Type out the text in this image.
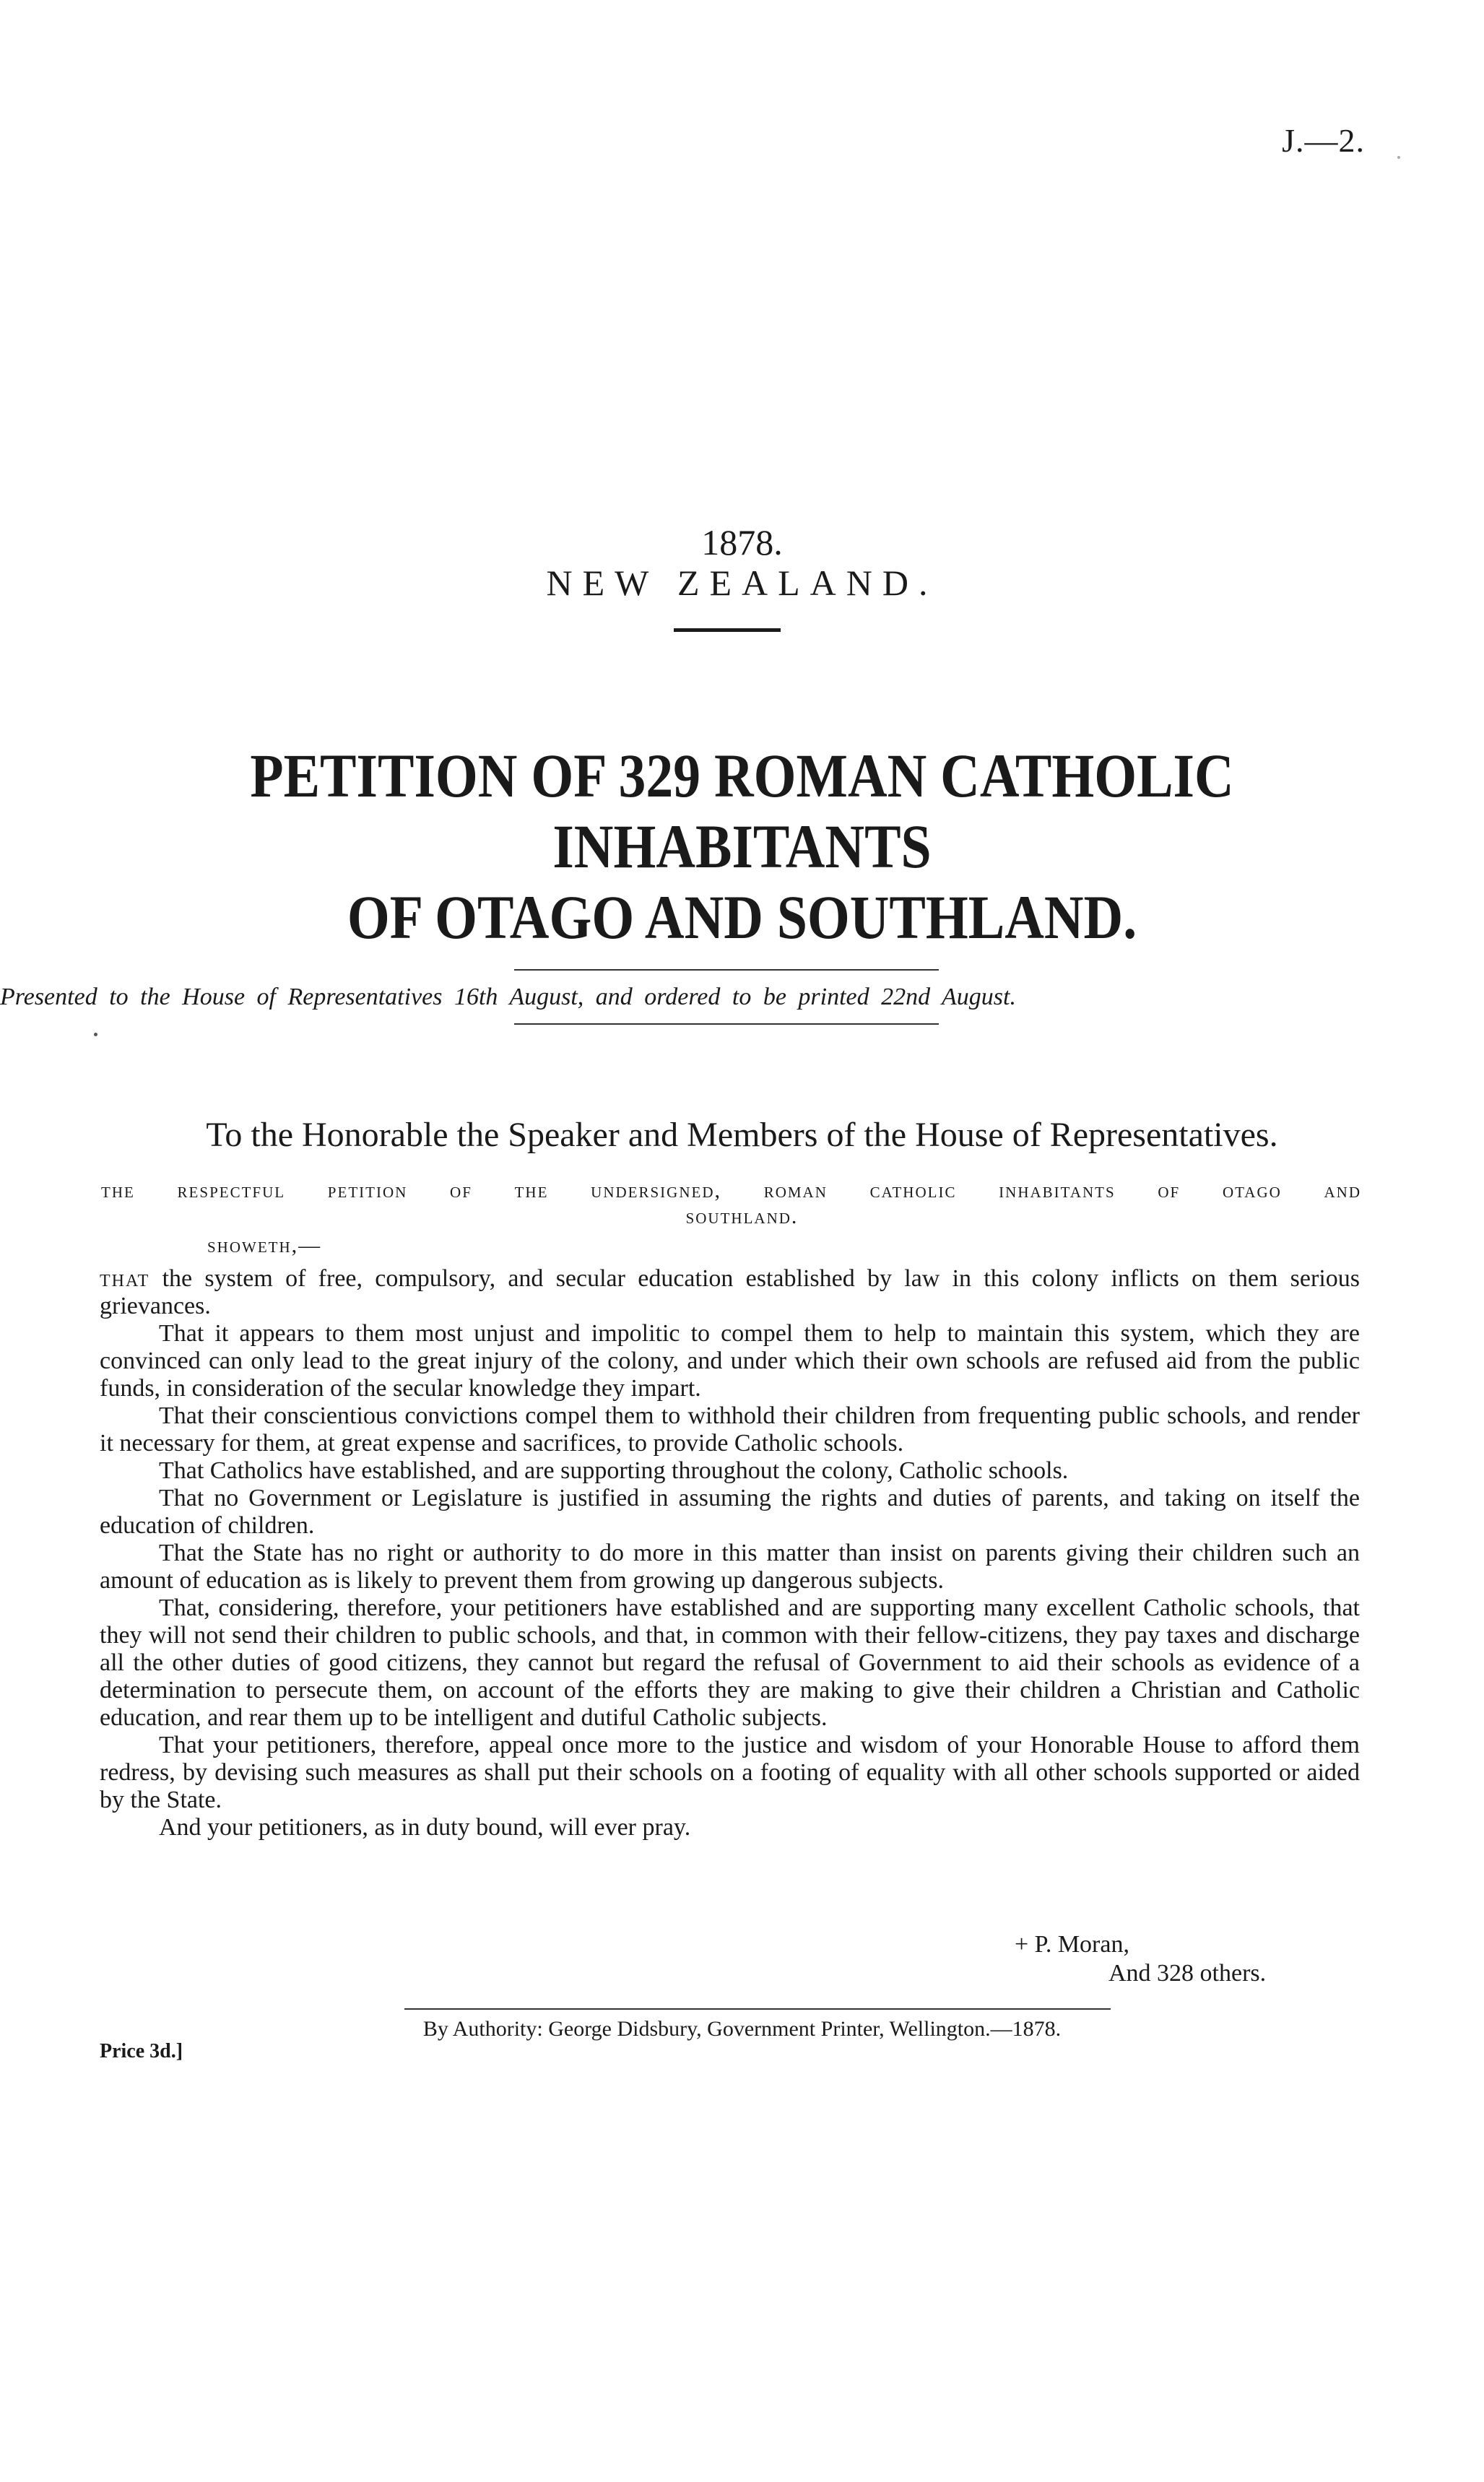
J.—2.
1878.
NEW ZEALAND.
PETITION OF 329 ROMAN CATHOLIC INHABITANTS
OF OTAGO AND SOUTHLAND.
Presented to the House of Representatives 16th August, and ordered to be printed 22nd August.
To the Honorable the Speaker and Members of the House of Representatives.
the respectful petition of the undersigned, roman catholic inhabitants of otago and
southland.
showeth,—

that the system of free, compulsory, and secular education established by law in this colony inflicts on them serious grievances.

That it appears to them most unjust and impolitic to compel them to help to maintain this system, which they are convinced can only lead to the great injury of the colony, and under which their own schools are refused aid from the public funds, in consideration of the secular knowledge they impart.

That their conscientious convictions compel them to withhold their children from frequenting public schools, and render it necessary for them, at great expense and sacrifices, to provide Catholic schools.

That Catholics have established, and are supporting throughout the colony, Catholic schools.

That no Government or Legislature is justified in assuming the rights and duties of parents, and taking on itself the education of children.

That the State has no right or authority to do more in this matter than insist on parents giving their children such an amount of education as is likely to prevent them from growing up dangerous subjects.

That, considering, therefore, your petitioners have established and are supporting many excellent Catholic schools, that they will not send their children to public schools, and that, in common with their fellow-citizens, they pay taxes and discharge all the other duties of good citizens, they cannot but regard the refusal of Government to aid their schools as evidence of a determination to persecute them, on account of the efforts they are making to give their children a Christian and Catholic education, and rear them up to be intelligent and dutiful Catholic subjects.

That your petitioners, therefore, appeal once more to the justice and wisdom of your Honorable House to afford them redress, by devising such measures as shall put their schools on a footing of equality with all other schools supported or aided by the State.

And your petitioners, as in duty bound, will ever pray.

+ P. Moran,
And 328 others.
By Authority: George Didsbury, Government Printer, Wellington.—1878.
Price 3d.]
